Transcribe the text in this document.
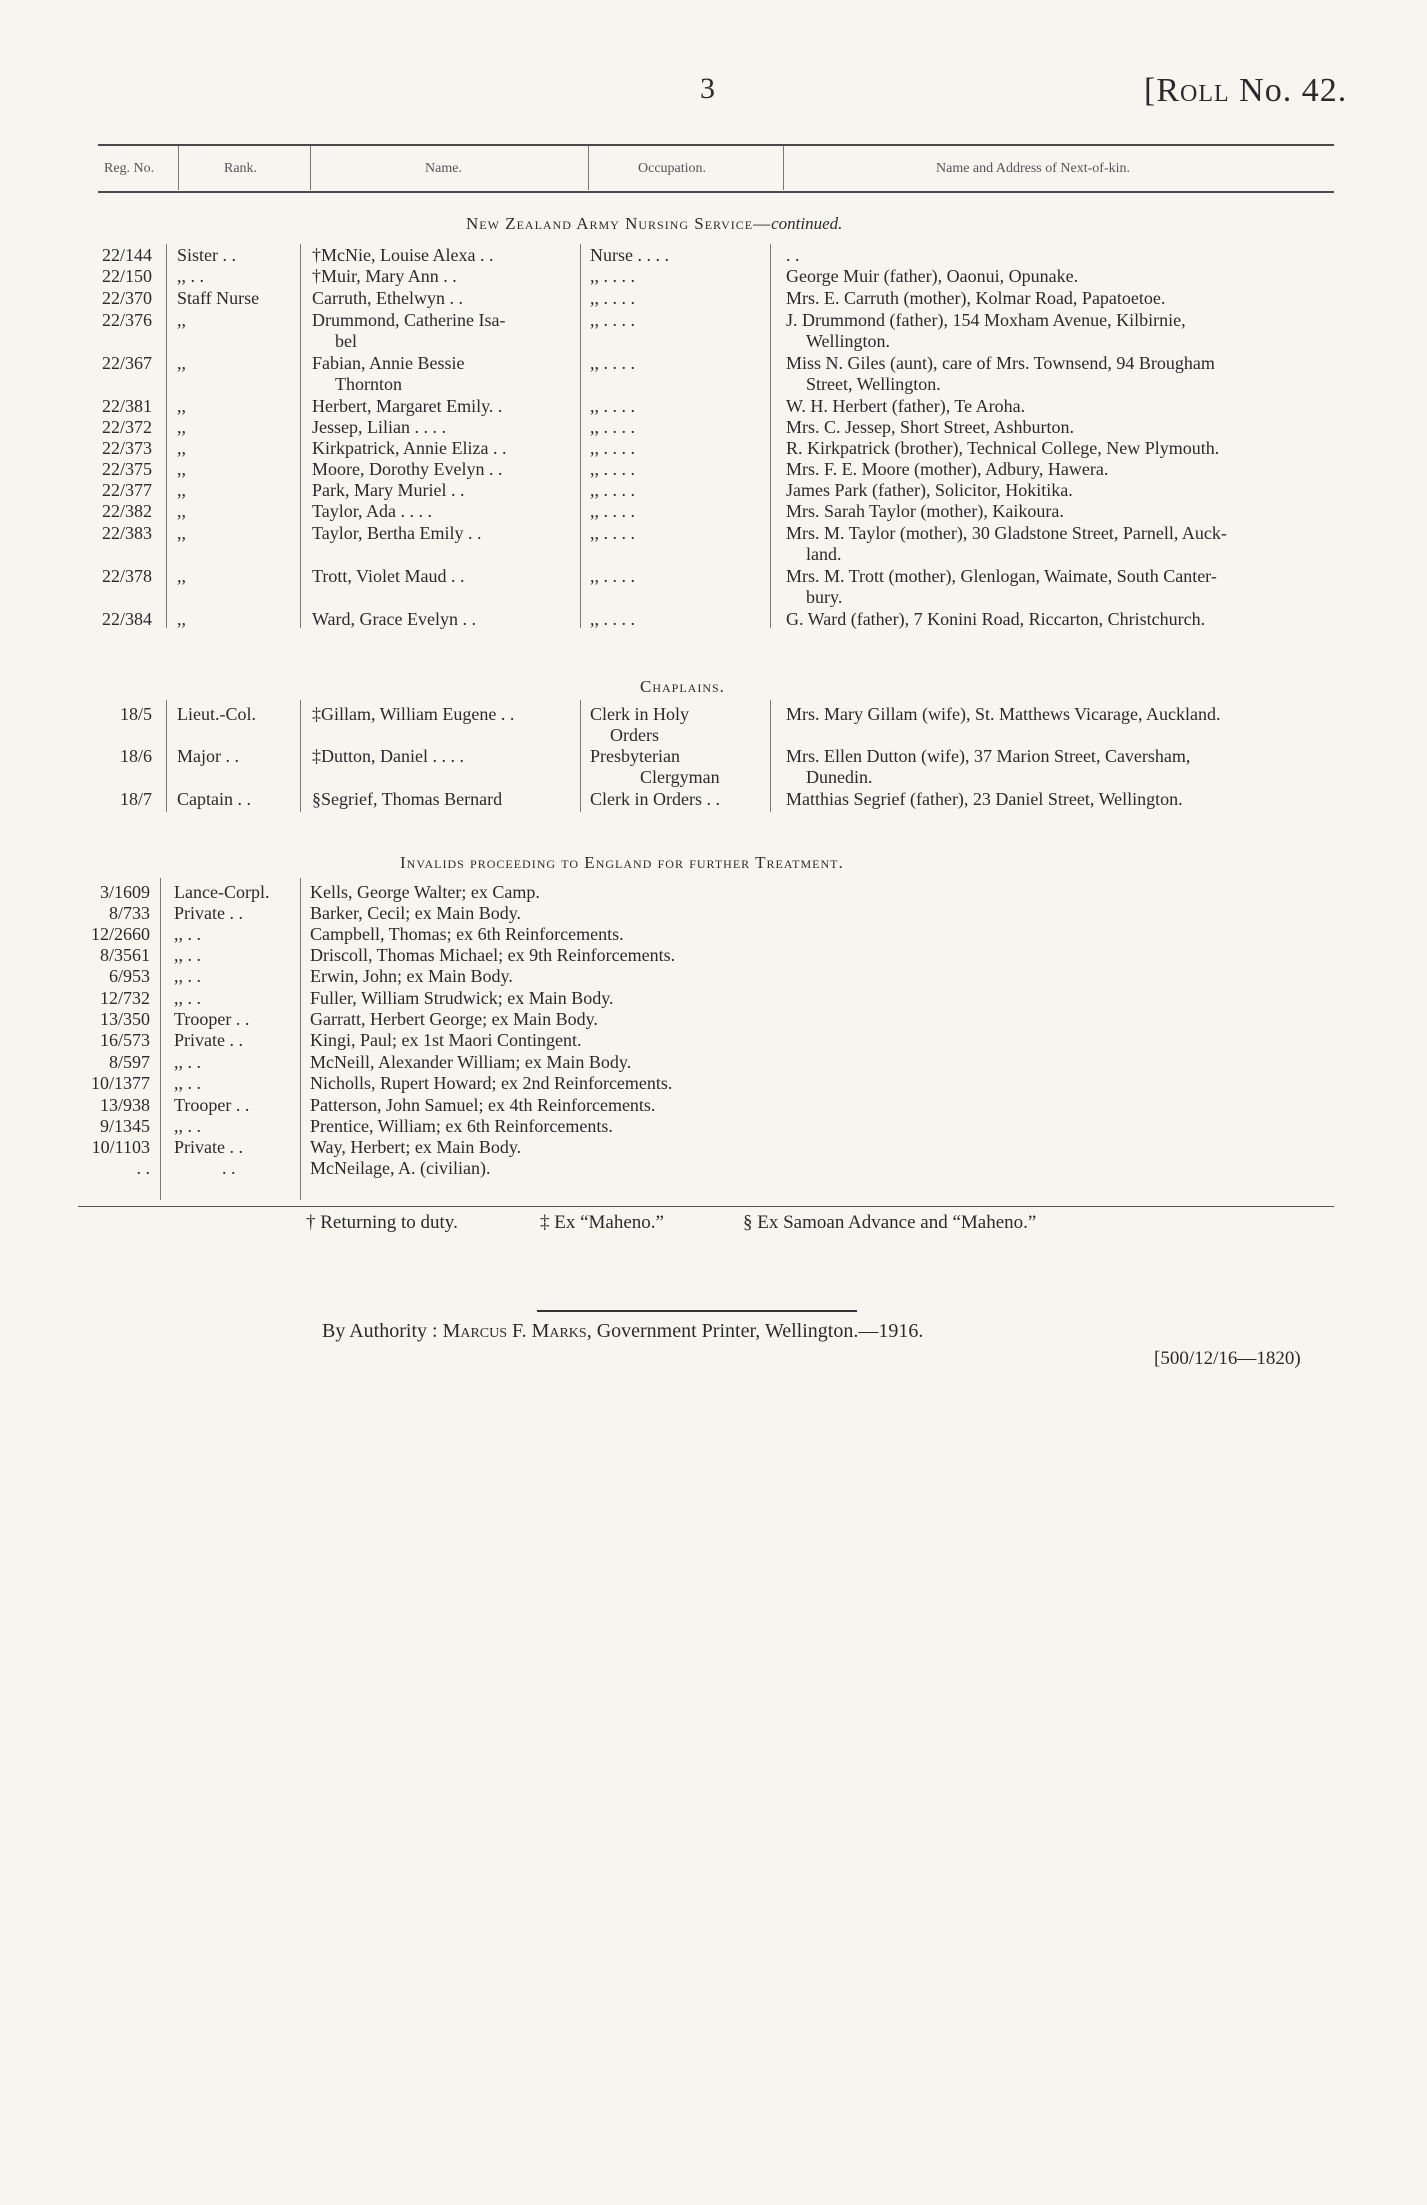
3	[Roll No. 42.
Reg. No.	Rank.	Name.	Occupation.	Name and Address of Next-of-kin.
New Zealand Army Nursing Service—continued.
22/144 Sister . .	†McNie, Louise Alexa . .	Nurse . . . .	. .
22/150 ,, . .	†Muir, Mary Ann . .	,, . . . .	George Muir (father), Oaonui, Opunake.
22/370 Staff Nurse	Carruth, Ethelwyn . .	,, . . . .	Mrs. E. Carruth (mother), Kolmar Road, Papatoetoe.
22/376 ,,	Drummond, Catherine Isa-
bel
,, . . . .	J. Drummond (father), 154 Moxham Avenue, Kilbirnie,
Wellington.
22/367 ,,	Fabian, Annie Bessie
Thornton
,, . . . .	Miss N. Giles (aunt), care of Mrs. Townsend, 94 Brougham
Street, Wellington.
22/381 ,,	Herbert, Margaret Emily. .	,, . . . .	W. H. Herbert (father), Te Aroha.
22/372 ,,	Jessep, Lilian . . . .	,, . . . .	Mrs. C. Jessep, Short Street, Ashburton.
22/373 ,,	Kirkpatrick, Annie Eliza . .	,, . . . .	R. Kirkpatrick (brother), Technical College, New Plymouth.
22/375 ,,	Moore, Dorothy Evelyn . .	,, . . . .	Mrs. F. E. Moore (mother), Adbury, Hawera.
22/377 ,,	Park, Mary Muriel . .	,, . . . .	James Park (father), Solicitor, Hokitika.
22/382 ,,	Taylor, Ada . . . .	,, . . . .	Mrs. Sarah Taylor (mother), Kaikoura.
22/383 ,,	Taylor, Bertha Emily . .	,, . . . .	Mrs. M. Taylor (mother), 30 Gladstone Street, Parnell, Auck-
land.
22/378 ,,	Trott, Violet Maud . .	,, . . . .	Mrs. M. Trott (mother), Glenlogan, Waimate, South Canter-
bury.
22/384 ,,	Ward, Grace Evelyn . .	,, . . . .	G. Ward (father), 7 Konini Road, Riccarton, Christchurch.
Chaplains.
18/5 Lieut.-Col.	‡Gillam, William Eugene . .	Clerk in Holy
Orders
Mrs. Mary Gillam (wife), St. Matthews Vicarage, Auckland.
18/6 Major . .	‡Dutton, Daniel . . . .	Presbyterian
Clergyman
Mrs. Ellen Dutton (wife), 37 Marion Street, Caversham,
Dunedin.
18/7 Captain . .	§Segrief, Thomas Bernard	Clerk in Orders . .	Matthias Segrief (father), 23 Daniel Street, Wellington.
Invalids proceeding to England for further Treatment.
3/1609 Lance-Corpl. Kells, George Walter; ex Camp.
8/733 Private . .	Barker, Cecil; ex Main Body.
12/2660 ,, . .	Campbell, Thomas; ex 6th Reinforcements.
8/3561 ,, . .	Driscoll, Thomas Michael; ex 9th Reinforcements.
6/953 ,, . .	Erwin, John; ex Main Body.
12/732 ,, . .	Fuller, William Strudwick; ex Main Body.
13/350 Trooper . .	Garratt, Herbert George; ex Main Body.
16/573 Private . .	Kingi, Paul; ex 1st Maori Contingent.
8/597 ,, . .	McNeill, Alexander William; ex Main Body.
10/1377 ,, . .	Nicholls, Rupert Howard; ex 2nd Reinforcements.
13/938 Trooper . .	Patterson, John Samuel; ex 4th Reinforcements.
9/1345 ,, . .	Prentice, William; ex 6th Reinforcements.
10/1103 Private . .	Way, Herbert; ex Main Body.
. .	. .	McNeilage, A. (civilian).
† Returning to duty.	‡ Ex “Maheno.”	§ Ex Samoan Advance and “Maheno.”
By Authority : Marcus F. Marks, Government Printer, Wellington.—1916.
[500/12/16—1820)
